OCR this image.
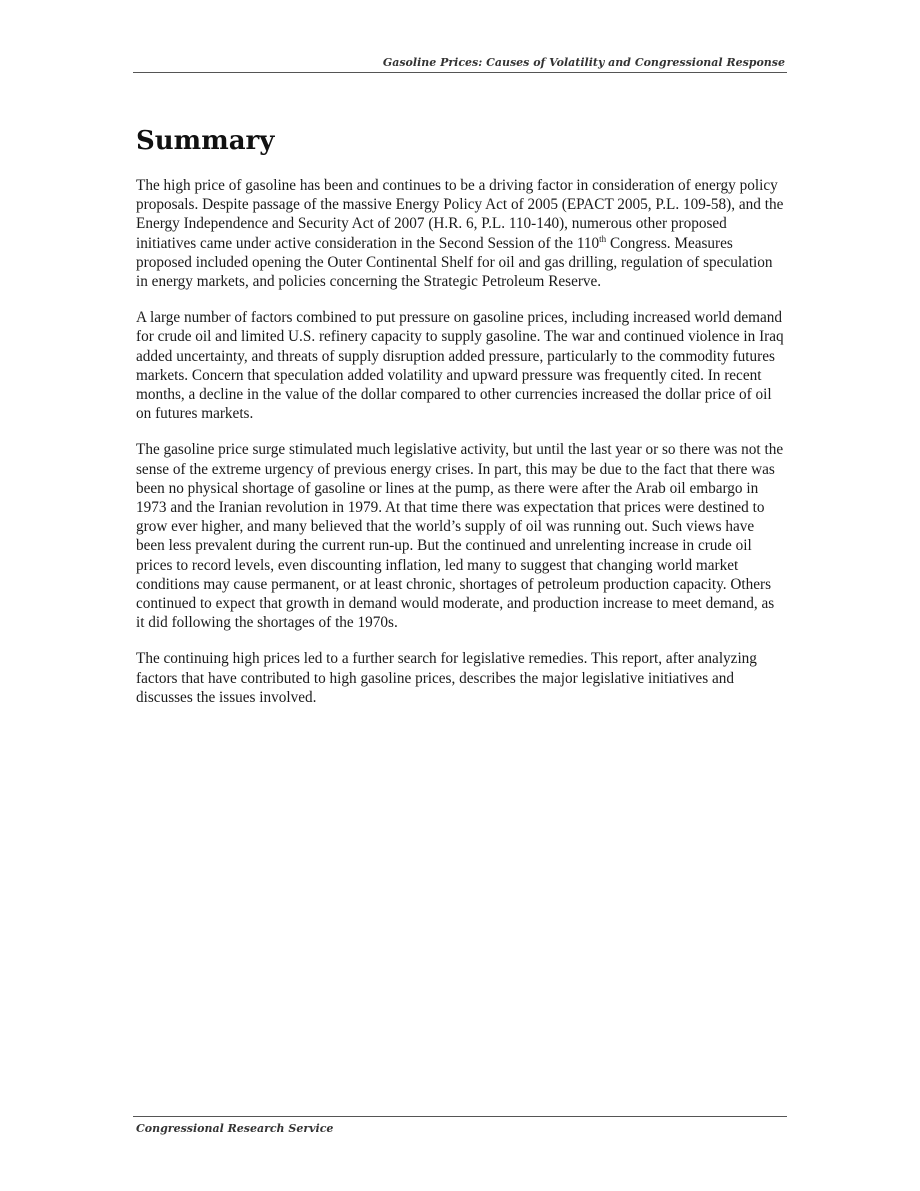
Gasoline Prices: Causes of Volatility and Congressional Response
Summary

The high price of gasoline has been and continues to be a driving factor in consideration of energy policy proposals. Despite passage of the massive Energy Policy Act of 2005 (EPACT 2005, P.L. 109-58), and the Energy Independence and Security Act of 2007 (H.R. 6, P.L. 110-140), numerous other proposed initiatives came under active consideration in the Second Session of the 110th Congress. Measures proposed included opening the Outer Continental Shelf for oil and gas drilling, regulation of speculation in energy markets, and policies concerning the Strategic Petroleum Reserve.

A large number of factors combined to put pressure on gasoline prices, including increased world demand for crude oil and limited U.S. refinery capacity to supply gasoline. The war and continued violence in Iraq added uncertainty, and threats of supply disruption added pressure, particularly to the commodity futures markets. Concern that speculation added volatility and upward pressure was frequently cited. In recent months, a decline in the value of the dollar compared to other currencies increased the dollar price of oil on futures markets.

The gasoline price surge stimulated much legislative activity, but until the last year or so there was not the sense of the extreme urgency of previous energy crises. In part, this may be due to the fact that there was been no physical shortage of gasoline or lines at the pump, as there were after the Arab oil embargo in 1973 and the Iranian revolution in 1979. At that time there was expectation that prices were destined to grow ever higher, and many believed that the world’s supply of oil was running out. Such views have been less prevalent during the current run-up. But the continued and unrelenting increase in crude oil prices to record levels, even discounting inflation, led many to suggest that changing world market conditions may cause permanent, or at least chronic, shortages of petroleum production capacity. Others continued to expect that growth in demand would moderate, and production increase to meet demand, as it did following the shortages of the 1970s.

The continuing high prices led to a further search for legislative remedies. This report, after analyzing factors that have contributed to high gasoline prices, describes the major legislative initiatives and discusses the issues involved.

Congressional Research Service
